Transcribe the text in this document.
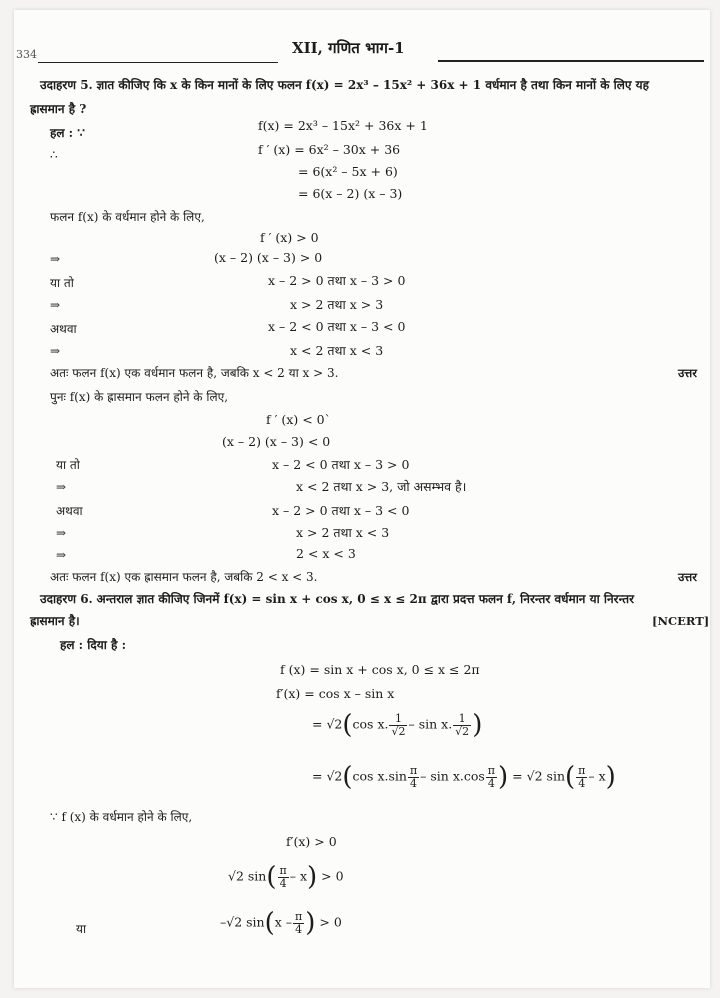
334	XII, गणित भाग-1
उदाहरण 5. ज्ञात कीजिए कि x के किन मानों के लिए फलन f(x) = 2x³ – 15x² + 36x + 1 वर्धमान है तथा किन मानों के लिए यह
ह्रासमान है ?
हल : ∵	f(x) = 2x³ – 15x² + 36x + 1
∴	f ′ (x) = 6x² – 30x + 36
= 6(x² – 5x + 6)
= 6(x – 2) (x – 3)
फलन f(x) के वर्धमान होने के लिए,
f ′ (x) > 0
⇒	(x – 2) (x – 3) > 0
या तो	x – 2 > 0 तथा x – 3 > 0
⇒	x > 2 तथा x > 3
अथवा	x – 2 < 0 तथा x – 3 < 0
⇒	x < 2 तथा x < 3
अतः फलन f(x) एक वर्धमान फलन है, जबकि x < 2 या x > 3.	उत्तर
पुनः f(x) के ह्रासमान फलन होने के लिए,
f ′ (x) < 0`
(x – 2) (x – 3) < 0
या तो	x – 2 < 0 तथा x – 3 > 0
⇒	x < 2 तथा x > 3, जो असम्भव है।
अथवा	x – 2 > 0 तथा x – 3 < 0
⇒	x > 2 तथा x < 3
⇒	2 < x < 3
अतः फलन f(x) एक ह्रासमान फलन है, जबकि 2 < x < 3.	उत्तर
उदाहरण 6. अन्तराल ज्ञात कीजिए जिनमें f(x) = sin x + cos x, 0 ≤ x ≤ 2π द्वारा प्रदत्त फलन f, निरन्तर वर्धमान या निरन्तर
ह्रासमान है।	[NCERT]
हल : दिया है :
f (x) = sin x + cos x, 0 ≤ x ≤ 2π
f′(x) = cos x – sin x
= √2(cos x. $\frac{1}{√2}$ – sin x. $\frac{1}{√2}$ )
= √2(cos $x.\sin \frac{\pi}{4}$ – $\sin x.\cos \frac{\pi}{4}$ ) = √2 $\sin( \frac{\pi}{4} - x)$
∵ f (x) के वर्धमान होने के लिए,
f′(x) > 0
√2 $\sin( \frac{\pi}{4} - x) > 0$
या	–√2 $\sin(x - \frac{\pi}{4}$ ) > 0
